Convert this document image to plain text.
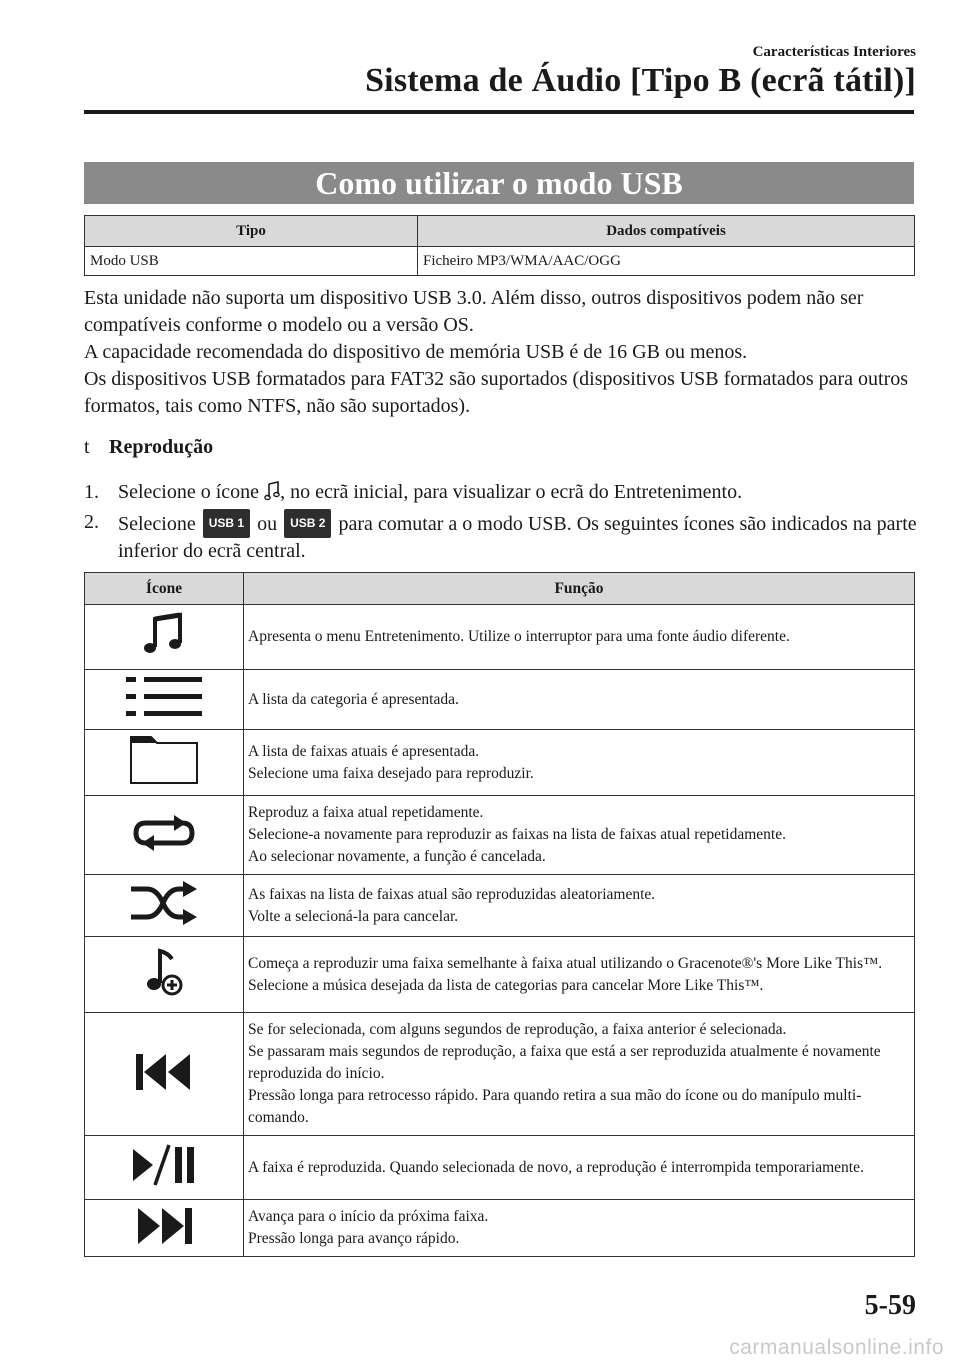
Características Interiores
Sistema de Áudio [Tipo B (ecrã tátil)]
Como utilizar o modo USB
Tipo	Dados compatíveis
Modo USB	Ficheiro MP3/WMA/AAC/OGG

Esta unidade não suporta um dispositivo USB 3.0. Além disso, outros dispositivos podem não ser compatíveis conforme o modelo ou a versão OS.

A capacidade recomendada do dispositivo de memória USB é de 16 GB ou menos.

Os dispositivos USB formatados para FAT32 são suportados (dispositivos USB formatados para outros formatos, tais como NTFS, não são suportados).

t Reprodução
1. Selecione o ícone , no ecrã inicial, para visualizar o ecrã do Entretenimento.
2. Selecione USB 1 ou USB 2 para comutar a o modo USB. Os seguintes ícones são indicados na parte inferior do ecrã central.
Ícone	Função

Apresenta o menu Entretenimento. Utilize o interruptor para uma fonte áudio diferente.

A lista da categoria é apresentada.

A lista de faixas atuais é apresentada.
Selecione uma faixa desejado para reproduzir.

Reproduz a faixa atual repetidamente.
Selecione-a novamente para reproduzir as faixas na lista de faixas atual repetidamente.
Ao selecionar novamente, a função é cancelada.

As faixas na lista de faixas atual são reproduzidas aleatoriamente.
Volte a selecioná-la para cancelar.

Começa a reproduzir uma faixa semelhante à faixa atual utilizando o Gracenote®'s More Like This™.
Selecione a música desejada da lista de categorias para cancelar More Like This™.

Se for selecionada, com alguns segundos de reprodução, a faixa anterior é selecionada.
Se passaram mais segundos de reprodução, a faixa que está a ser reproduzida atualmente é novamente reproduzida do início.
Pressão longa para retrocesso rápido. Para quando retira a sua mão do ícone ou do manípulo multi-comando.

A faixa é reproduzida. Quando selecionada de novo, a reprodução é interrompida temporariamente.

Avança para o início da próxima faixa.
Pressão longa para avanço rápido.
5-59
carmanualsonline.info
